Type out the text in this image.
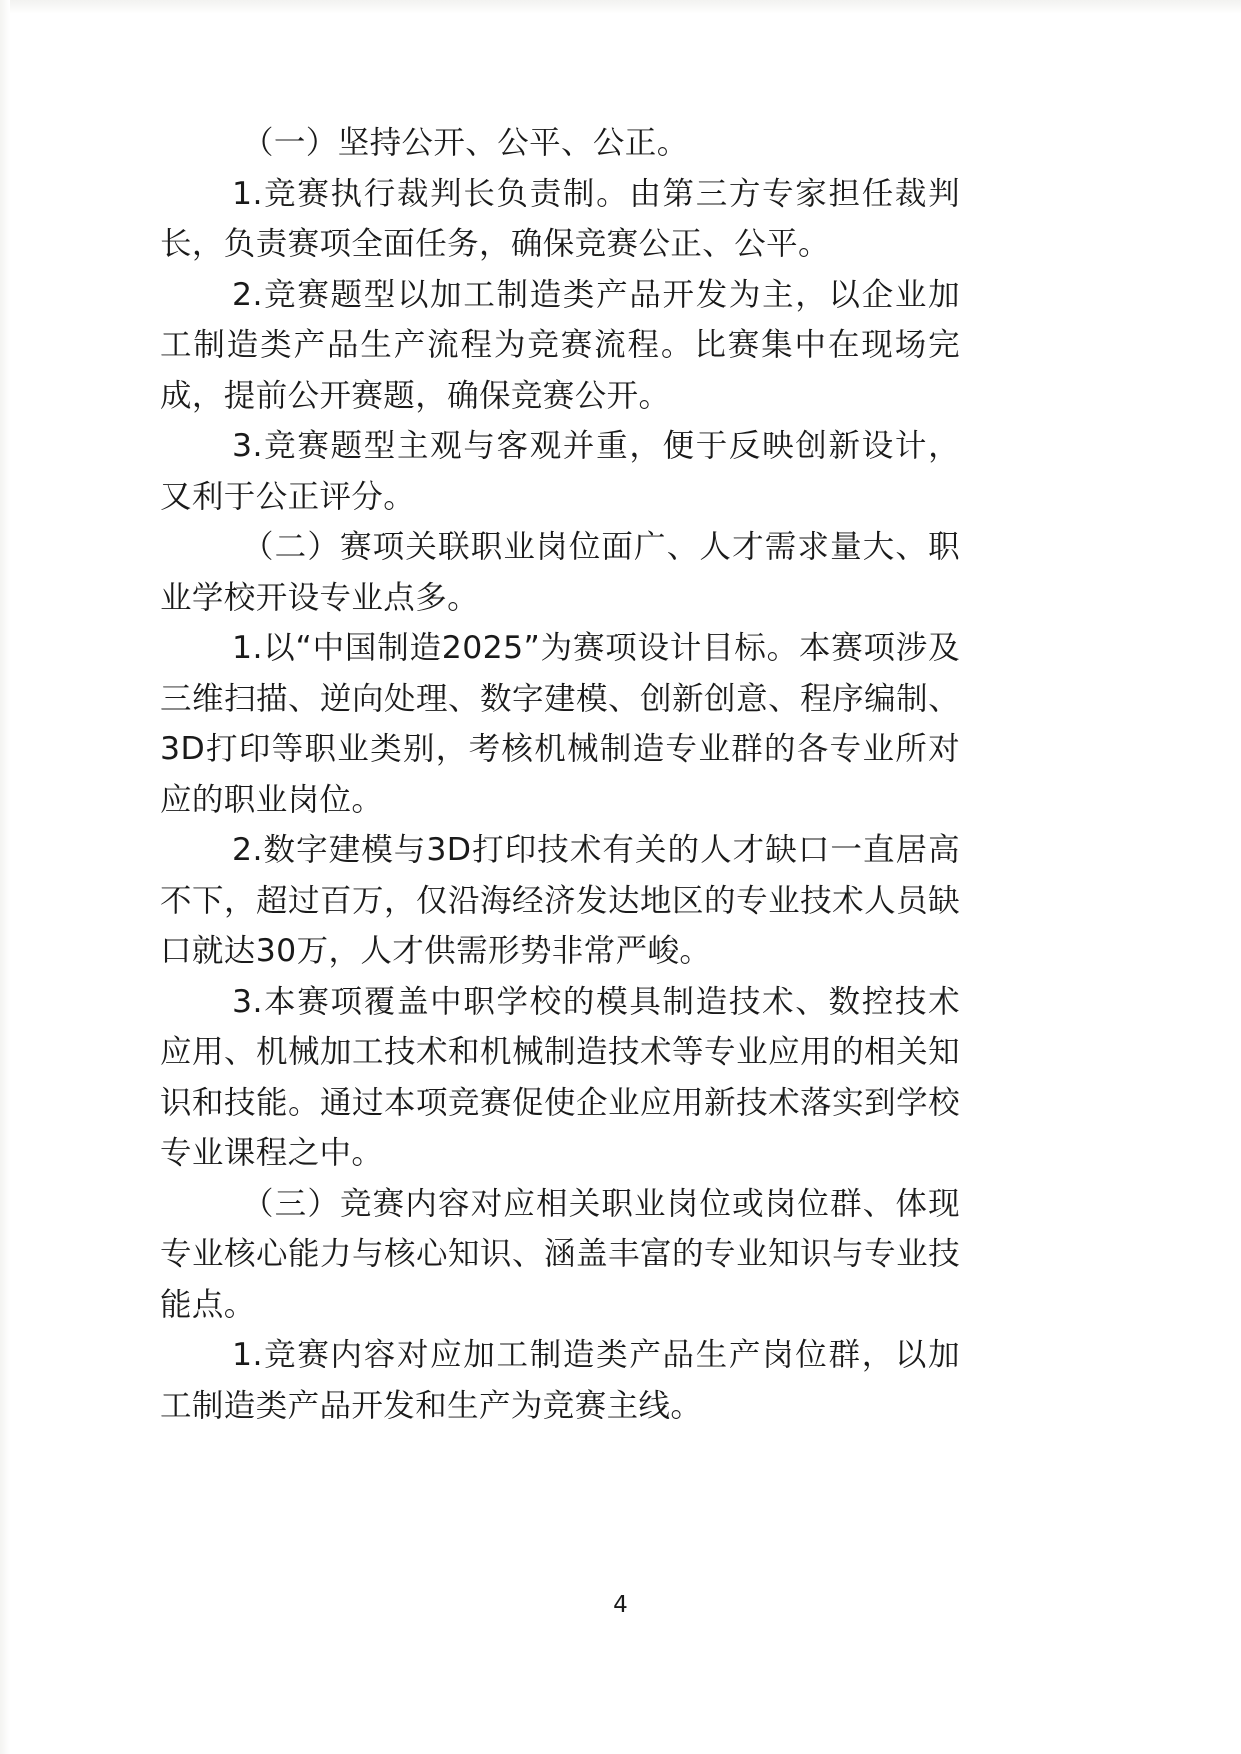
（一）坚持公开、公平、公正。

1.竞赛执行裁判长负责制。由第三方专家担任裁判长，负责赛项全面任务，确保竞赛公正、公平。

2.竞赛题型以加工制造类产品开发为主，以企业加工制造类产品生产流程为竞赛流程。比赛集中在现场完成，提前公开赛题，确保竞赛公开。

3.竞赛题型主观与客观并重，便于反映创新设计，又利于公正评分。

（二）赛项关联职业岗位面广、人才需求量大、职业学校开设专业点多。

1.以“中国制造2025”为赛项设计目标。本赛项涉及三维扫描、逆向处理、数字建模、创新创意、程序编制、3D打印等职业类别，考核机械制造专业群的各专业所对应的职业岗位。

2.数字建模与3D打印技术有关的人才缺口一直居高不下，超过百万，仅沿海经济发达地区的专业技术人员缺口就达30万，人才供需形势非常严峻。

3.本赛项覆盖中职学校的模具制造技术、数控技术应用、机械加工技术和机械制造技术等专业应用的相关知识和技能。通过本项竞赛促使企业应用新技术落实到学校专业课程之中。

（三）竞赛内容对应相关职业岗位或岗位群、体现专业核心能力与核心知识、涵盖丰富的专业知识与专业技能点。

1.竞赛内容对应加工制造类产品生产岗位群，以加工制造类产品开发和生产为竞赛主线。

4
